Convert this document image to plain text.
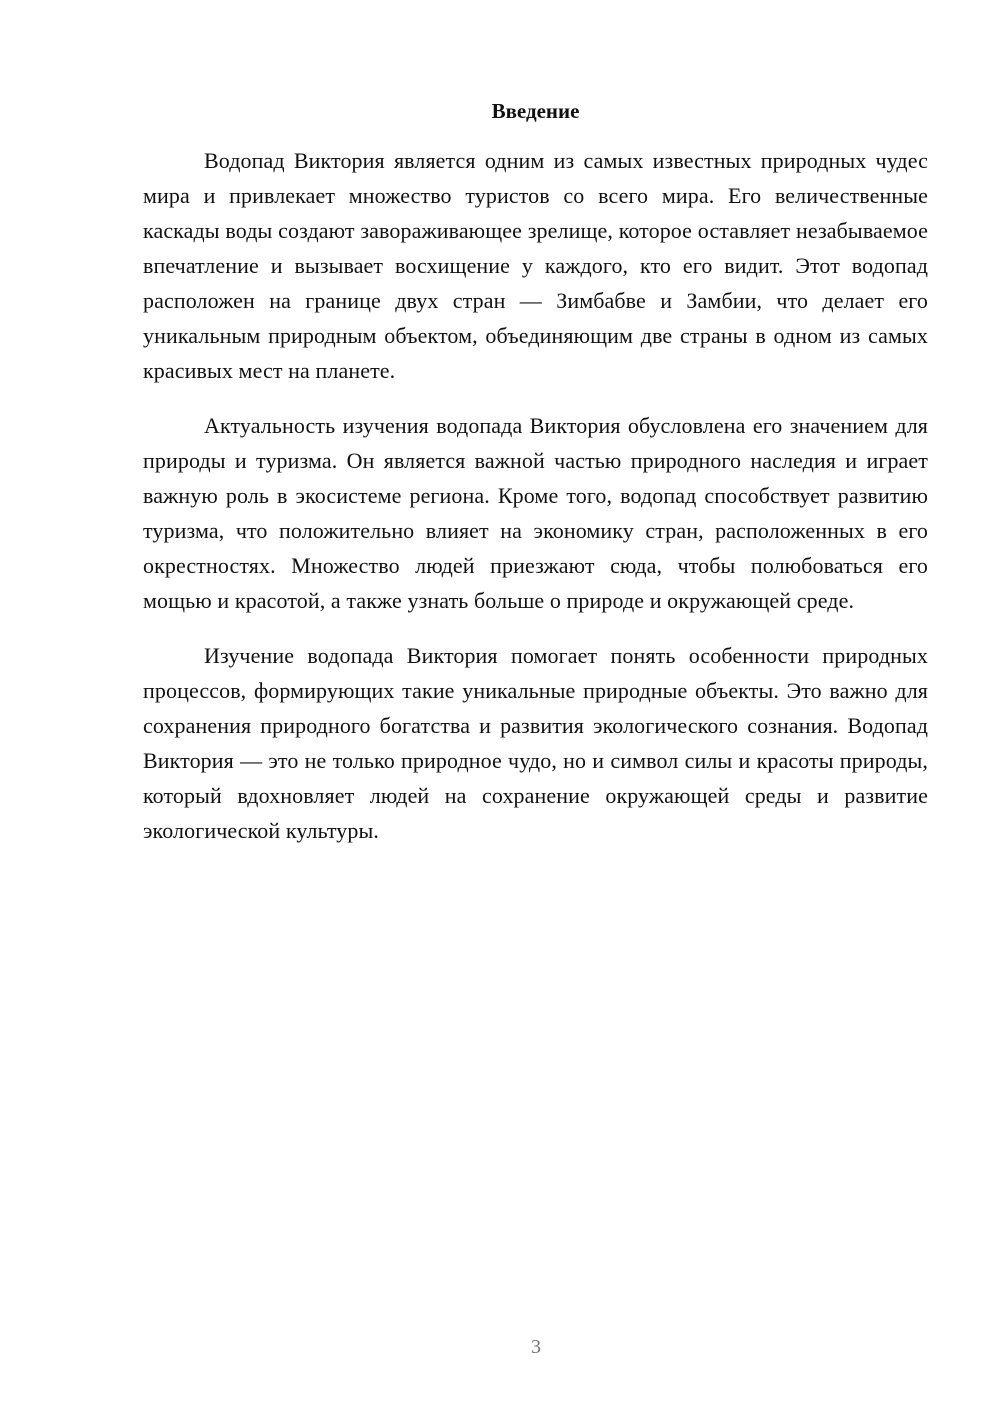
Введение

Водопад Виктория является одним из самых известных природных чудес мира и привлекает множество туристов со всего мира. Его величественные каскады воды создают завораживающее зрелище, которое оставляет незабываемое впечатление и вызывает восхищение у каждого, кто его видит. Этот водопад расположен на границе двух стран — Зимбабве и Замбии, что делает его уникальным природным объектом, объединяющим две страны в одном из самых красивых мест на планете.

Актуальность изучения водопада Виктория обусловлена его значением для природы и туризма. Он является важной частью природного наследия и играет важную роль в экосистеме региона. Кроме того, водопад способствует развитию туризма, что положительно влияет на экономику стран, расположенных в его окрестностях. Множество людей приезжают сюда, чтобы полюбоваться его мощью и красотой, а также узнать больше о природе и окружающей среде.

Изучение водопада Виктория помогает понять особенности природных процессов, формирующих такие уникальные природные объекты. Это важно для сохранения природного богатства и развития экологического сознания. Водопад Виктория — это не только природное чудо, но и символ силы и красоты природы, который вдохновляет людей на сохранение окружающей среды и развитие экологической культуры.

3
